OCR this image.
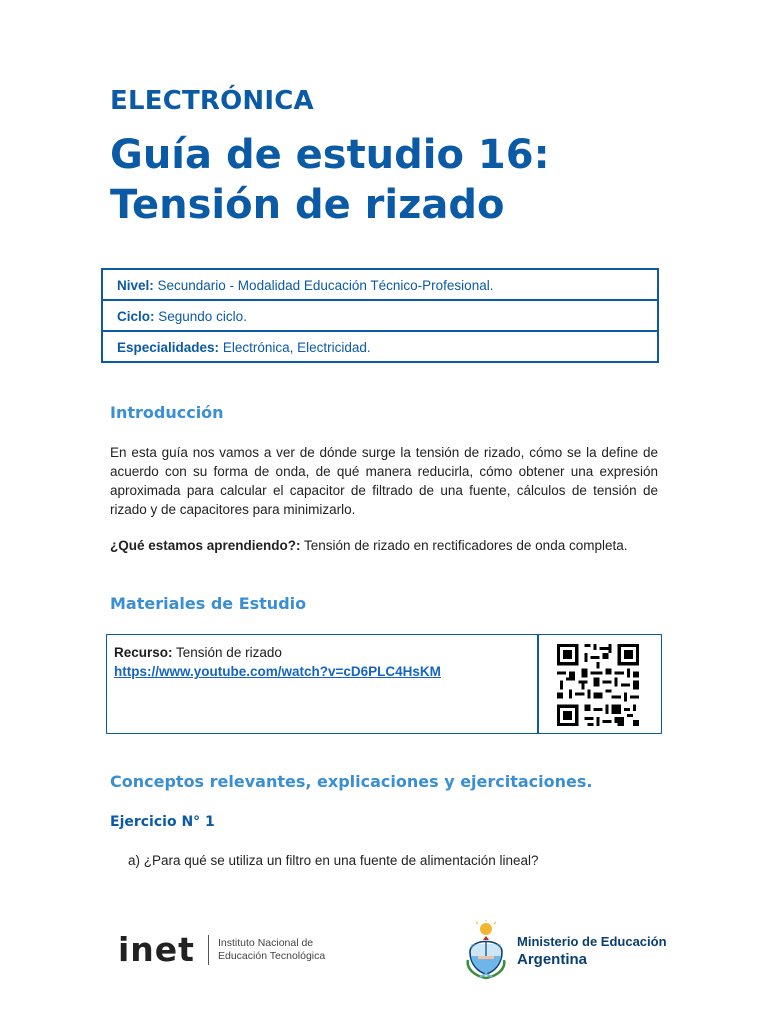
ELECTRÓNICA
Guía de estudio 16:
Tensión de rizado
Nivel: Secundario - Modalidad Educación Técnico-Profesional.
Ciclo: Segundo ciclo.
Especialidades: Electrónica, Electricidad.
Introducción
En esta guía nos vamos a ver de dónde surge la tensión de rizado, cómo se la define de acuerdo con su forma de onda, de qué manera reducirla, cómo obtener una expresión aproximada para calcular el capacitor de filtrado de una fuente, cálculos de tensión de rizado y de capacitores para minimizarlo.
¿Qué estamos aprendiendo?: Tensión de rizado en rectificadores de onda completa.
Materiales de Estudio
Recurso: Tensión de rizado
https://www.youtube.com/watch?v=cD6PLC4HsKM
Conceptos relevantes, explicaciones y ejercitaciones.
Ejercicio N° 1
a) ¿Para qué se utiliza un filtro en una fuente de alimentación lineal?
inet Instituto Nacional de
Educación Tecnológica
Ministerio de Educación
Argentina
